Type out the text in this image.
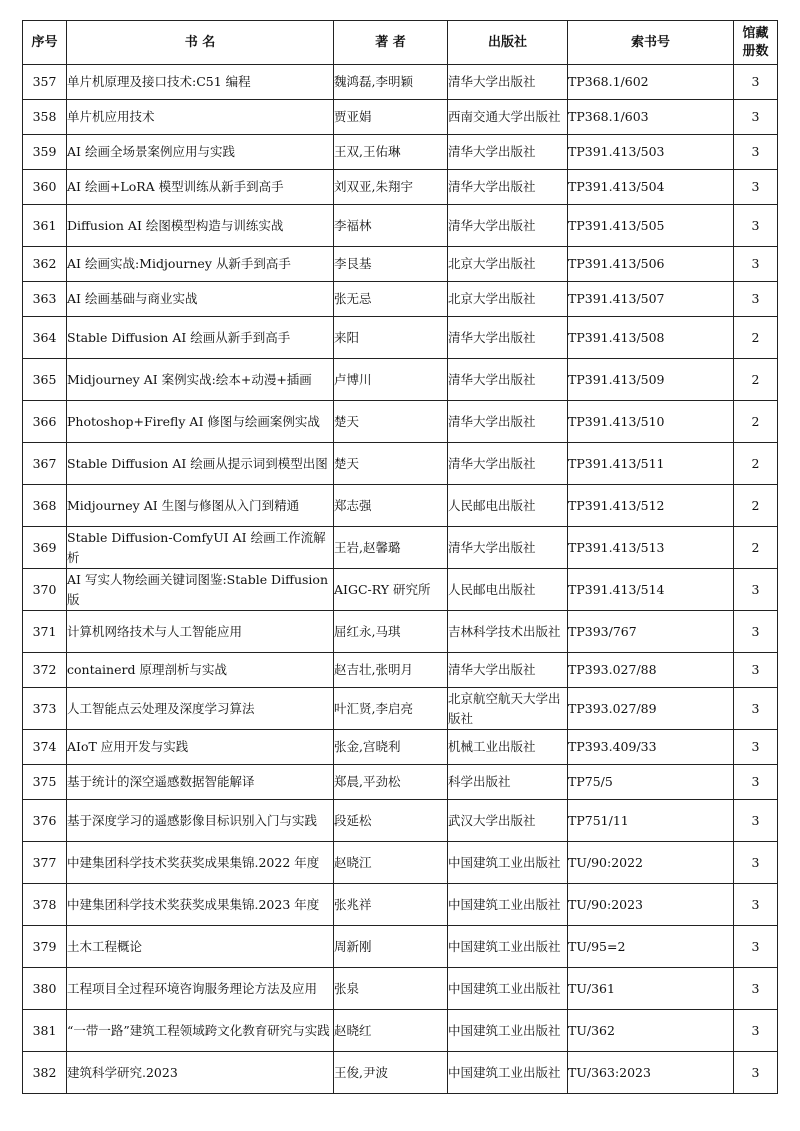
序号	书 名	著 者	出版社	索书号	馆藏
册数
357	单片机原理及接口技术:C51 编程	魏鸿磊,李明颖	清华大学出版社	TP368.1/602	3
358	单片机应用技术	贾亚娟	西南交通大学出版社	TP368.1/603	3
359	AI 绘画全场景案例应用与实践	王双,王佑琳	清华大学出版社	TP391.413/503	3
360	AI 绘画+LoRA 模型训练从新手到高手	刘双亚,朱翔宇	清华大学出版社	TP391.413/504	3
361	Diffusion AI 绘图模型构造与训练实战	李福林	清华大学出版社	TP391.413/505	3
362	AI 绘画实战:Midjourney 从新手到高手	李艮基	北京大学出版社	TP391.413/506	3
363	AI 绘画基础与商业实战	张无忌	北京大学出版社	TP391.413/507	3
364	Stable Diffusion AI 绘画从新手到高手	来阳	清华大学出版社	TP391.413/508	2
365	Midjourney AI 案例实战:绘本+动漫+插画	卢博川	清华大学出版社	TP391.413/509	2
366	Photoshop+Firefly AI 修图与绘画案例实战	楚天	清华大学出版社	TP391.413/510	2
367	Stable Diffusion AI 绘画从提示词到模型出图	楚天	清华大学出版社	TP391.413/511	2
368	Midjourney AI 生图与修图从入门到精通	郑志强	人民邮电出版社	TP391.413/512	2
369	Stable Diffusion-ComfyUI AI 绘画工作流解析	王岩,赵馨璐	清华大学出版社	TP391.413/513	2
370	AI 写实人物绘画关键词图鉴:Stable Diffusion 版	AIGC-RY 研究所	人民邮电出版社	TP391.413/514	3
371	计算机网络技术与人工智能应用	屈红永,马琪	吉林科学技术出版社	TP393/767	3
372	containerd 原理剖析与实战	赵吉壮,张明月	清华大学出版社	TP393.027/88	3
373	人工智能点云处理及深度学习算法	叶汇贤,李启亮	北京航空航天大学出版社	TP393.027/89	3
374	AIoT 应用开发与实践	张金,宫晓利	机械工业出版社	TP393.409/33	3
375	基于统计的深空遥感数据智能解译	郑晨,平劲松	科学出版社	TP75/5	3
376	基于深度学习的遥感影像目标识别入门与实践	段延松	武汉大学出版社	TP751/11	3
377	中建集团科学技术奖获奖成果集锦.2022 年度	赵晓江	中国建筑工业出版社	TU/90:2022	3
378	中建集团科学技术奖获奖成果集锦.2023 年度	张兆祥	中国建筑工业出版社	TU/90:2023	3
379	土木工程概论	周新刚	中国建筑工业出版社	TU/95=2	3
380	工程项目全过程环境咨询服务理论方法及应用	张泉	中国建筑工业出版社	TU/361	3
381	“一带一路”建筑工程领域跨文化教育研究与实践	赵晓红	中国建筑工业出版社	TU/362	3
382	建筑科学研究.2023	王俊,尹波	中国建筑工业出版社	TU/363:2023	3
